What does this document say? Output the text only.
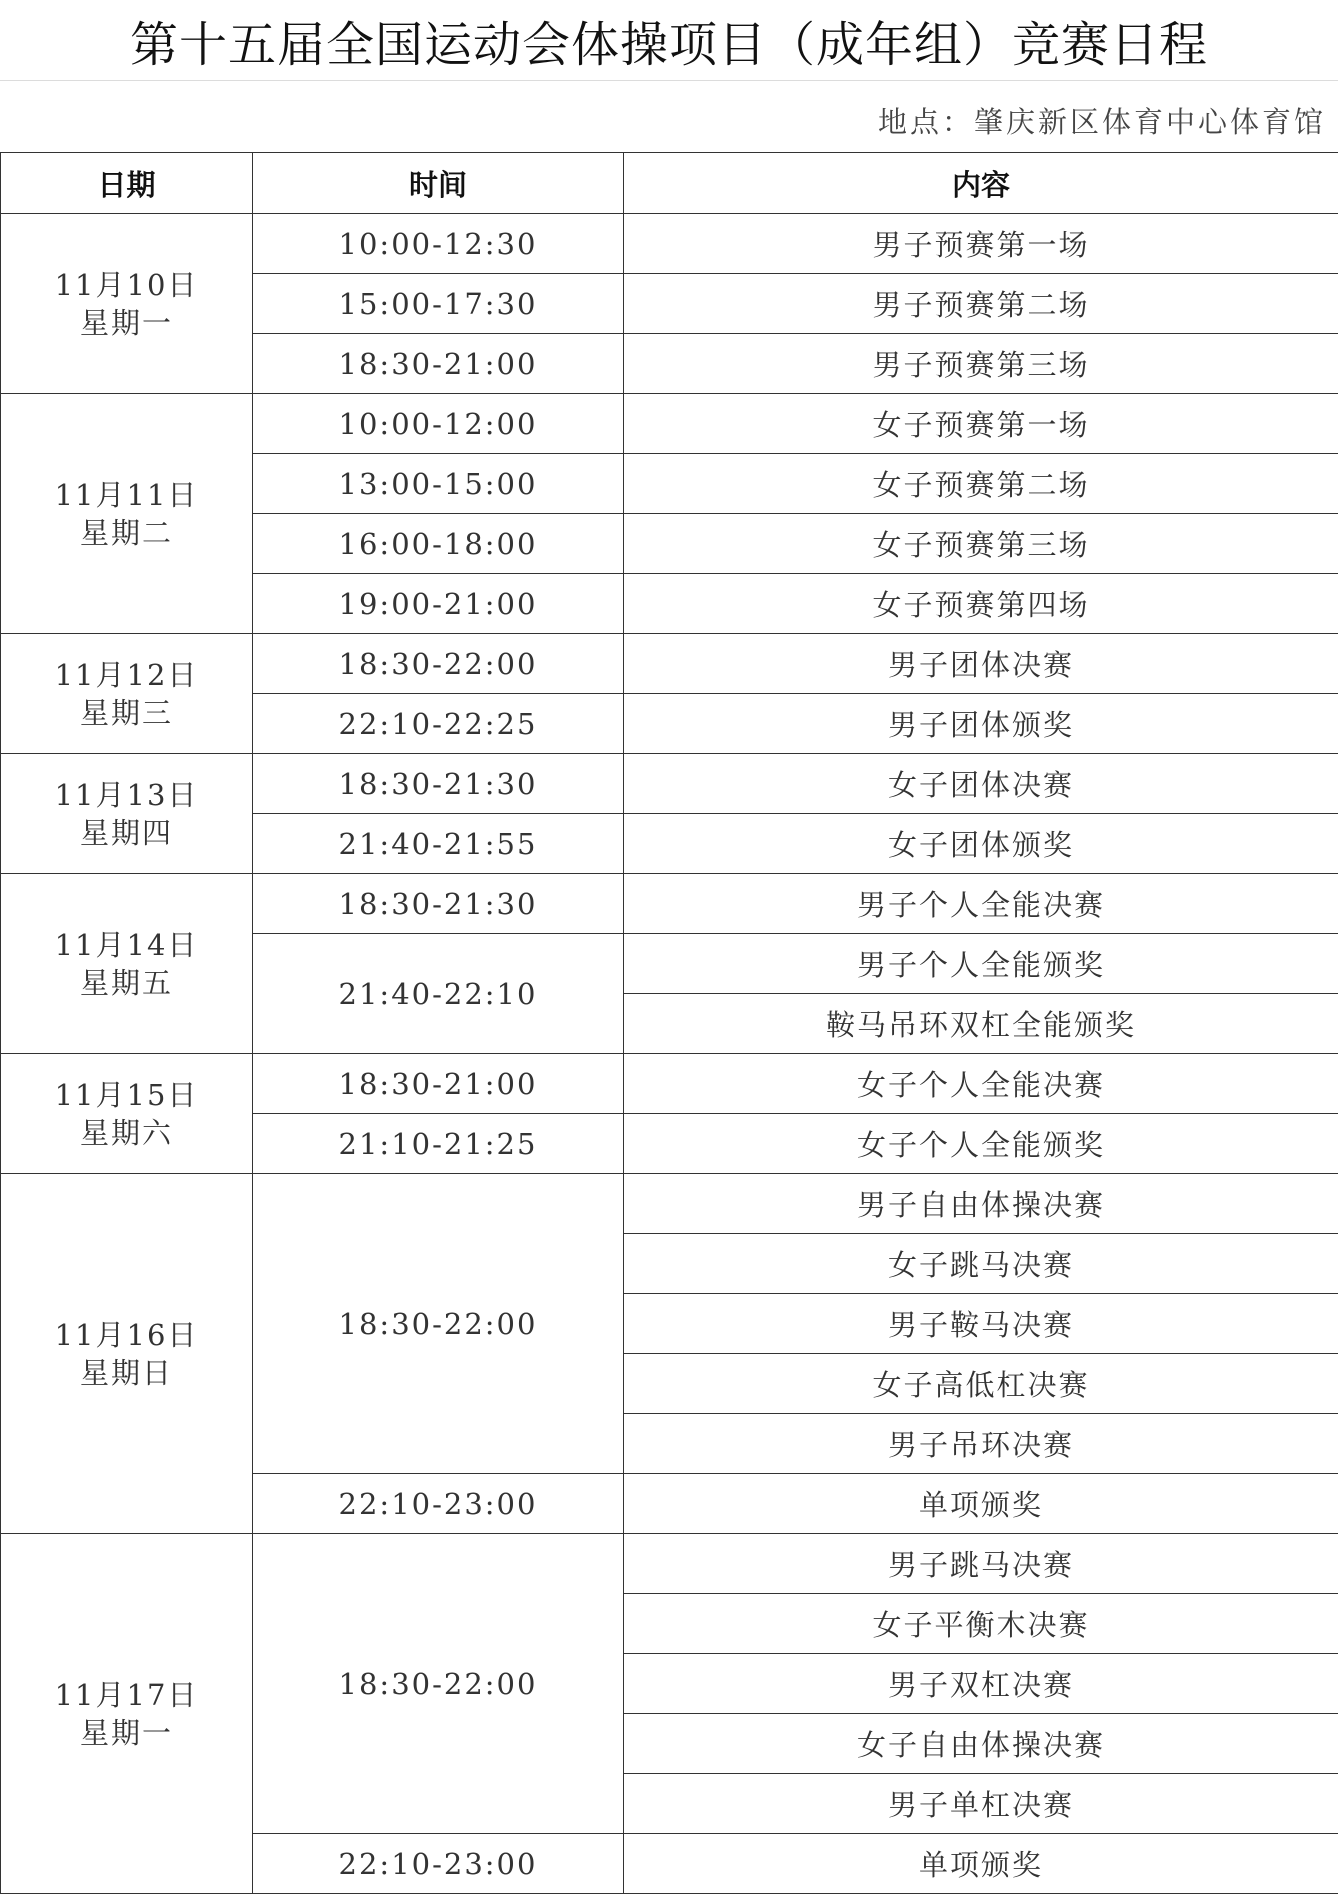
第十五届全国运动会体操项目（成年组）竞赛日程
地点：肇庆新区体育中心体育馆
日期	时间	内容

11月10日
星期一	10:00-12:30	男子预赛第一场
	15:00-17:30	男子预赛第二场
	18:30-21:00	男子预赛第三场

11月11日
星期二	10:00-12:00	女子预赛第一场
	13:00-15:00	女子预赛第二场
	16:00-18:00	女子预赛第三场
	19:00-21:00	女子预赛第四场

11月12日
星期三	18:30-22:00	男子团体决赛
	22:10-22:25	男子团体颁奖

11月13日
星期四	18:30-21:30	女子团体决赛
	21:40-21:55	女子团体颁奖

11月14日
星期五	18:30-21:30	男子个人全能决赛
	21:40-22:10	男子个人全能颁奖
		鞍马吊环双杠全能颁奖

11月15日
星期六	18:30-21:00	女子个人全能决赛
	21:10-21:25	女子个人全能颁奖

11月16日
星期日	18:30-22:00	男子自由体操决赛
		女子跳马决赛
		男子鞍马决赛
		女子高低杠决赛
		男子吊环决赛
	22:10-23:00	单项颁奖

11月17日
星期一	18:30-22:00	男子跳马决赛
		女子平衡木决赛
		男子双杠决赛
		女子自由体操决赛
		男子单杠决赛
	22:10-23:00	单项颁奖
